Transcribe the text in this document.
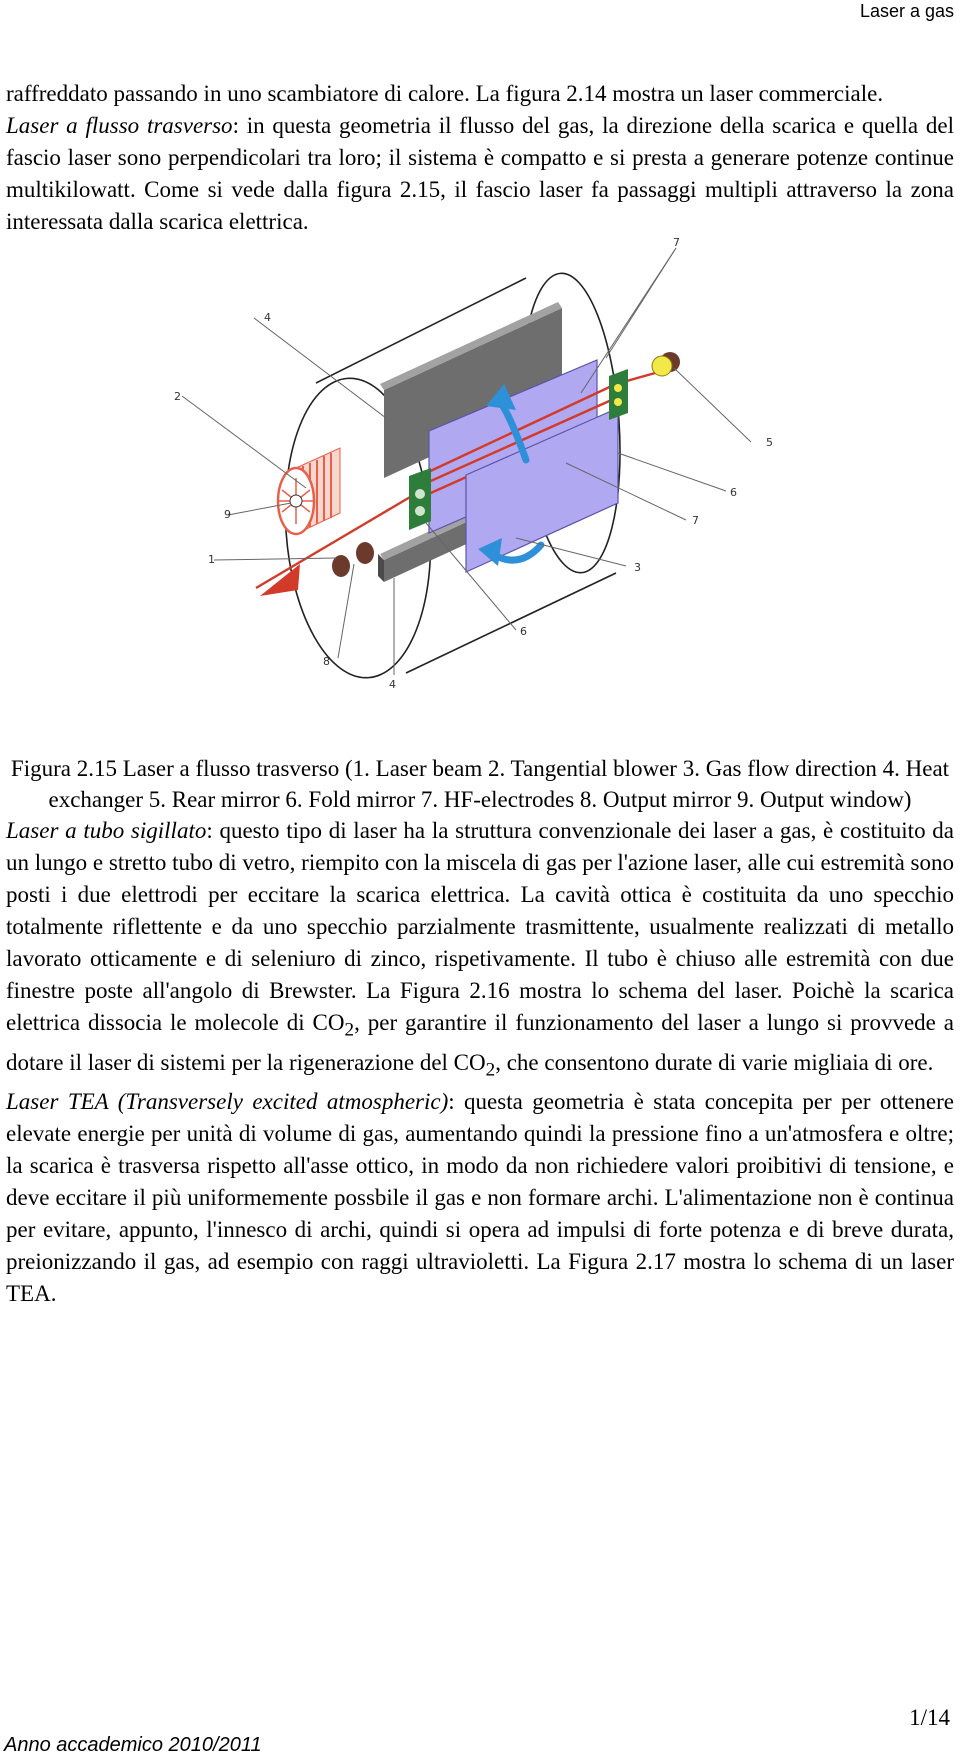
Laser a gas

raffreddato passando in uno scambiatore di calore. La figura 2.14 mostra un laser commerciale.

Laser a flusso trasverso: in questa geometria il flusso del gas, la direzione della scarica e quella del fascio laser sono perpendicolari tra loro; il sistema è compatto e si presta a generare potenze continue multikilowatt. Come si vede dalla figura 2.15, il fascio laser fa passaggi multipli attraverso la zona interessata dalla scarica elettrica.

7
4
2
5
6
9	7
1
3
6
8
4

Figura 2.15 Laser a flusso trasverso (1. Laser beam 2. Tangential blower 3. Gas flow direction 4. Heat exchanger 5. Rear mirror 6. Fold mirror 7. HF-electrodes 8. Output mirror 9. Output window)

Laser a tubo sigillato: questo tipo di laser ha la struttura convenzionale dei laser a gas, è costituito da un lungo e stretto tubo di vetro, riempito con la miscela di gas per l'azione laser, alle cui estremità sono posti i due elettrodi per eccitare la scarica elettrica. La cavità ottica è costituita da uno specchio totalmente riflettente e da uno specchio parzialmente trasmittente, usualmente realizzati di metallo lavorato otticamente e di seleniuro di zinco, rispetivamente. Il tubo è chiuso alle estremità con due finestre poste all'angolo di Brewster. La Figura 2.16 mostra lo schema del laser. Poichè la scarica elettrica dissocia le molecole di $CO_2$, per garantire il funzionamento del laser a lungo si provvede a dotare il laser di sistemi per la rigenerazione del $CO_2$, che consentono durate di varie migliaia di ore.

Laser TEA (Transversely excited atmospheric): questa geometria è stata concepita per per ottenere elevate energie per unità di volume di gas, aumentando quindi la pressione fino a un'atmosfera e oltre; la scarica è trasversa rispetto all'asse ottico, in modo da non richiedere valori proibitivi di tensione, e deve eccitare il più uniformemente possbile il gas e non formare archi. L'alimentazione non è continua per evitare, appunto, l'innesco di archi, quindi si opera ad impulsi di forte potenza e di breve durata, preionizzando il gas, ad esempio con raggi ultravioletti. La Figura 2.17 mostra lo schema di un laser TEA.

1/14
Anno accademico 2010/2011
